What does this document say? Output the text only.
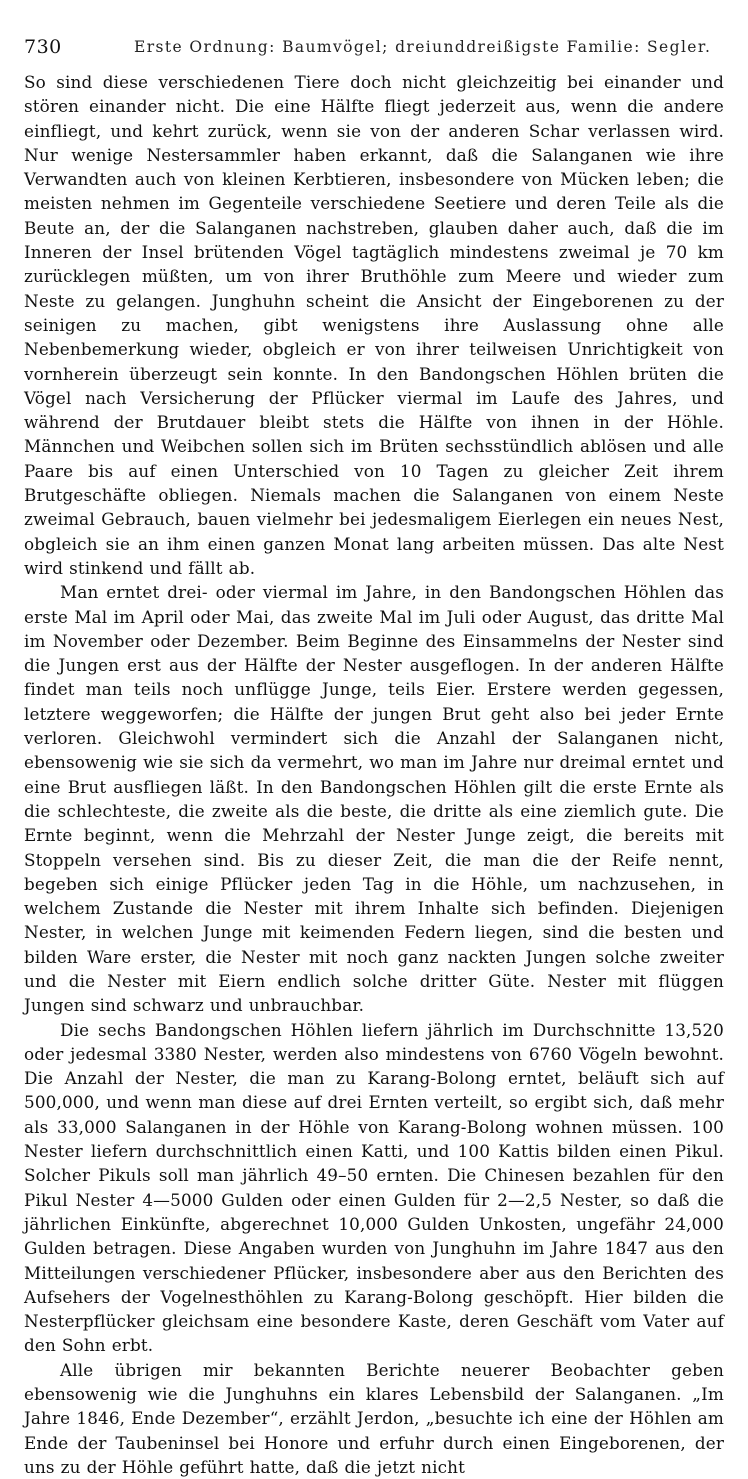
730	Erste Ordnung: Baumvögel; dreiunddreißigste Familie: Segler.

So sind diese verschiedenen Tiere doch nicht gleichzeitig bei einander und stören einander nicht. Die eine Hälfte fliegt jederzeit aus, wenn die andere einfliegt, und kehrt zurück, wenn sie von der anderen Schar verlassen wird. Nur wenige Nestersammler haben erkannt, daß die Salanganen wie ihre Verwandten auch von kleinen Kerbtieren, insbesondere von Mücken leben; die meisten nehmen im Gegenteile verschiedene Seetiere und deren Teile als die Beute an, der die Salanganen nachstreben, glauben daher auch, daß die im Inneren der Insel brütenden Vögel tagtäglich mindestens zweimal je 70 km zurücklegen müßten, um von ihrer Bruthöhle zum Meere und wieder zum Neste zu gelangen. Junghuhn scheint die Ansicht der Eingeborenen zu der seinigen zu machen, gibt wenigstens ihre Auslassung ohne alle Nebenbemerkung wieder, obgleich er von ihrer teilweisen Unrichtigkeit von vornherein überzeugt sein konnte. In den Bandongschen Höhlen brüten die Vögel nach Versicherung der Pflücker viermal im Laufe des Jahres, und während der Brutdauer bleibt stets die Hälfte von ihnen in der Höhle. Männchen und Weibchen sollen sich im Brüten sechsstündlich ablösen und alle Paare bis auf einen Unterschied von 10 Tagen zu gleicher Zeit ihrem Brutgeschäfte obliegen. Niemals machen die Salanganen von einem Neste zweimal Gebrauch, bauen vielmehr bei jedesmaligem Eierlegen ein neues Nest, obgleich sie an ihm einen ganzen Monat lang arbeiten müssen. Das alte Nest wird stinkend und fällt ab.

Man erntet drei- oder viermal im Jahre, in den Bandongschen Höhlen das erste Mal im April oder Mai, das zweite Mal im Juli oder August, das dritte Mal im November oder Dezember. Beim Beginne des Einsammelns der Nester sind die Jungen erst aus der Hälfte der Nester ausgeflogen. In der anderen Hälfte findet man teils noch unflügge Junge, teils Eier. Erstere werden gegessen, letztere weggeworfen; die Hälfte der jungen Brut geht also bei jeder Ernte verloren. Gleichwohl vermindert sich die Anzahl der Salanganen nicht, ebensowenig wie sie sich da vermehrt, wo man im Jahre nur dreimal erntet und eine Brut ausfliegen läßt. In den Bandongschen Höhlen gilt die erste Ernte als die schlechteste, die zweite als die beste, die dritte als eine ziemlich gute. Die Ernte beginnt, wenn die Mehrzahl der Nester Junge zeigt, die bereits mit Stoppeln versehen sind. Bis zu dieser Zeit, die man die der Reife nennt, begeben sich einige Pflücker jeden Tag in die Höhle, um nachzusehen, in welchem Zustande die Nester mit ihrem Inhalte sich befinden. Diejenigen Nester, in welchen Junge mit keimenden Federn liegen, sind die besten und bilden Ware erster, die Nester mit noch ganz nackten Jungen solche zweiter und die Nester mit Eiern endlich solche dritter Güte. Nester mit flüggen Jungen sind schwarz und unbrauchbar.

Die sechs Bandongschen Höhlen liefern jährlich im Durchschnitte 13,520 oder jedesmal 3380 Nester, werden also mindestens von 6760 Vögeln bewohnt. Die Anzahl der Nester, die man zu Karang-Bolong erntet, beläuft sich auf 500,000, und wenn man diese auf drei Ernten verteilt, so ergibt sich, daß mehr als 33,000 Salanganen in der Höhle von Karang-Bolong wohnen müssen. 100 Nester liefern durchschnittlich einen Katti, und 100 Kattis bilden einen Pikul. Solcher Pikuls soll man jährlich 49–50 ernten. Die Chinesen bezahlen für den Pikul Nester 4—5000 Gulden oder einen Gulden für 2—2,5 Nester, so daß die jährlichen Einkünfte, abgerechnet 10,000 Gulden Unkosten, ungefähr 24,000 Gulden betragen. Diese Angaben wurden von Junghuhn im Jahre 1847 aus den Mitteilungen verschiedener Pflücker, insbesondere aber aus den Berichten des Aufsehers der Vogelnesthöhlen zu Karang-Bolong geschöpft. Hier bilden die Nesterpflücker gleichsam eine besondere Kaste, deren Geschäft vom Vater auf den Sohn erbt.

Alle übrigen mir bekannten Berichte neuerer Beobachter geben ebensowenig wie die Junghuhns ein klares Lebensbild der Salanganen. „Im Jahre 1846, Ende Dezember“, erzählt Jerdon, „besuchte ich eine der Höhlen am Ende der Taubeninsel bei Honore und erfuhr durch einen Eingeborenen, der uns zu der Höhle geführt hatte, daß die jetzt nicht
